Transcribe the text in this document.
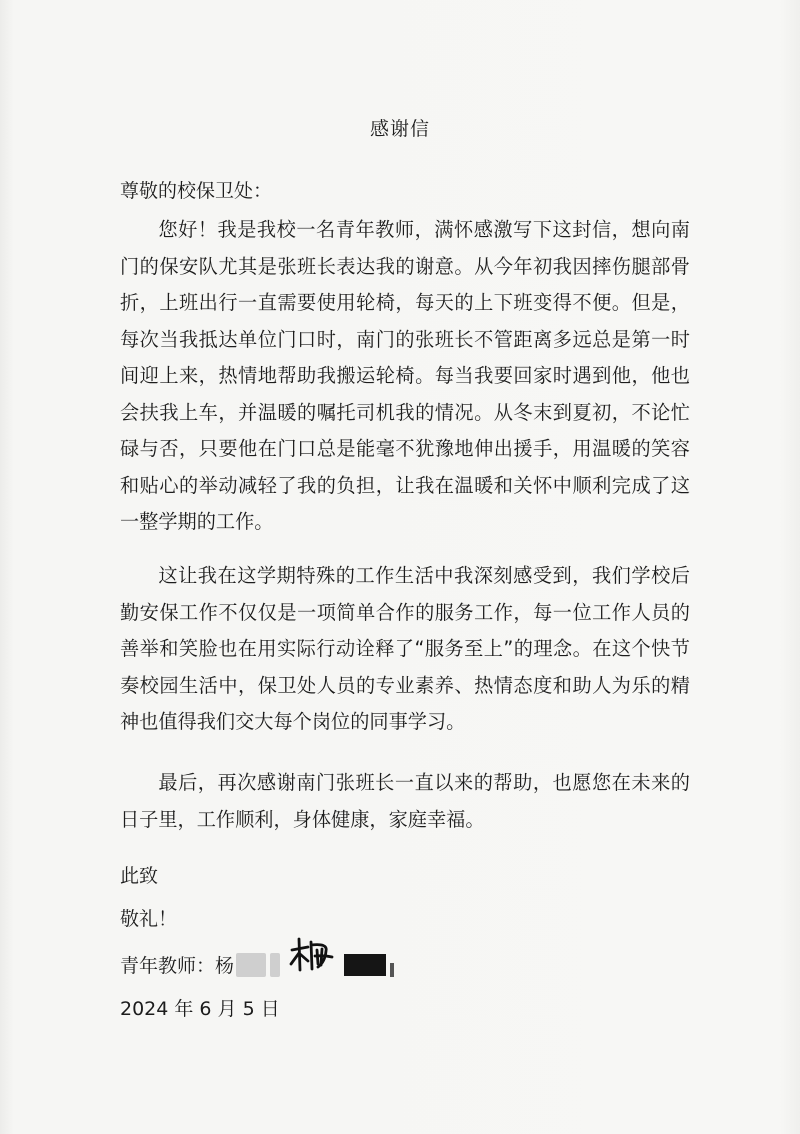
感谢信
尊敬的校保卫处：

您好！我是我校一名青年教师，满怀感激写下这封信，想向南门的保安队尤其是张班长表达我的谢意。从今年初我因摔伤腿部骨折，上班出行一直需要使用轮椅，每天的上下班变得不便。但是，每次当我抵达单位门口时，南门的张班长不管距离多远总是第一时间迎上来，热情地帮助我搬运轮椅。每当我要回家时遇到他，他也会扶我上车，并温暖的嘱托司机我的情况。从冬末到夏初，不论忙碌与否，只要他在门口总是能毫不犹豫地伸出援手，用温暖的笑容和贴心的举动减轻了我的负担，让我在温暖和关怀中顺利完成了这一整学期的工作。

这让我在这学期特殊的工作生活中我深刻感受到，我们学校后勤安保工作不仅仅是一项简单合作的服务工作，每一位工作人员的善举和笑脸也在用实际行动诠释了“服务至上”的理念。在这个快节奏校园生活中，保卫处人员的专业素养、热情态度和助人为乐的精神也值得我们交大每个岗位的同事学习。

最后，再次感谢南门张班长一直以来的帮助，也愿您在未来的日子里，工作顺利，身体健康，家庭幸福。

此致
敬礼！
青年教师：杨
2024 年 6 月 5 日
